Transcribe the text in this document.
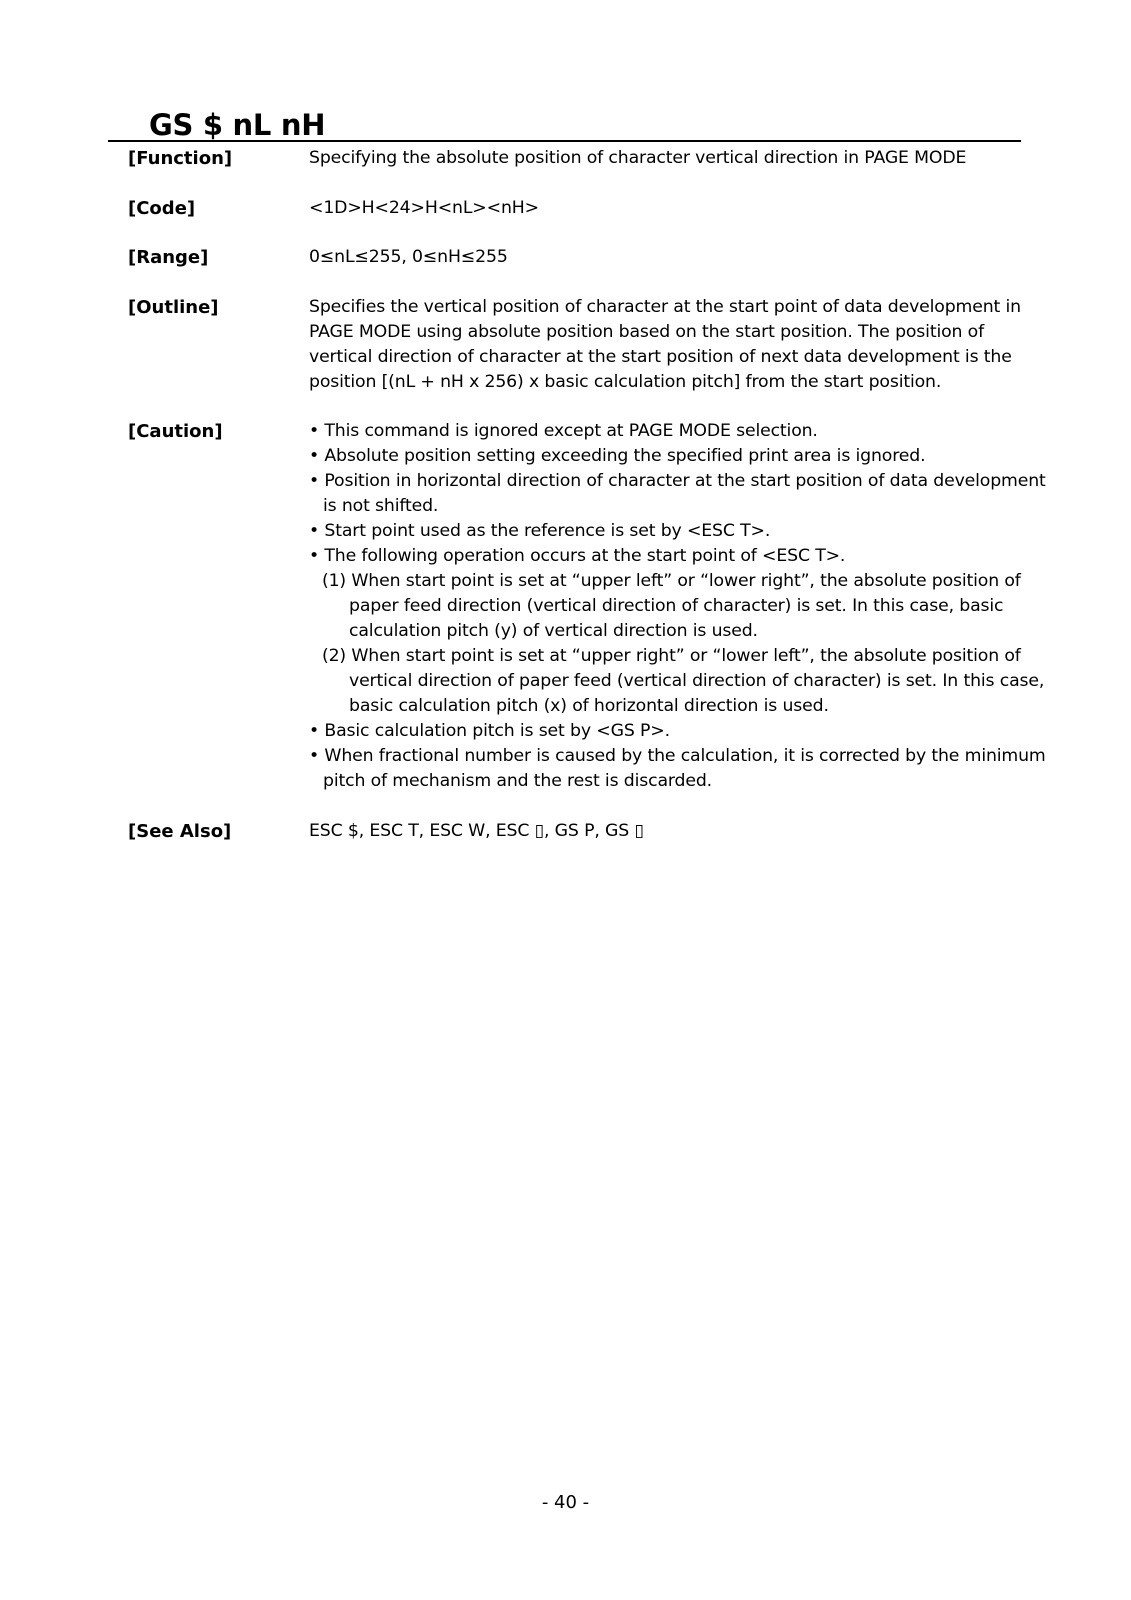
GS $ nL nH
[Function]	Specifying the absolute position of character vertical direction in PAGE MODE
[Code]	<1D>H<24>H<nL><nH>
[Range]	0≤nL≤255, 0≤nH≤255
[Outline]	Specifies the vertical position of character at the start point of data development in
PAGE MODE using absolute position based on the start position. The position of
vertical direction of character at the start position of next data development is the
position [(nL + nH x 256) x basic calculation pitch] from the start position.
[Caution]	• This command is ignored except at PAGE MODE selection.
• Absolute position setting exceeding the specified print area is ignored.
• Position in horizontal direction of character at the start position of data development
is not shifted.
• Start point used as the reference is set by <ESC T>.
• The following operation occurs at the start point of <ESC T>.
(1) When start point is set at “upper left” or “lower right”, the absolute position of
paper feed direction (vertical direction of character) is set. In this case, basic
calculation pitch (y) of vertical direction is used.
(2) When start point is set at “upper right” or “lower left”, the absolute position of
vertical direction of paper feed (vertical direction of character) is set. In this case,
basic calculation pitch (x) of horizontal direction is used.
• Basic calculation pitch is set by <GS P>.
• When fractional number is caused by the calculation, it is corrected by the minimum
pitch of mechanism and the rest is discarded.
[See Also]	ESC $, ESC T, ESC W, ESC ▯, GS P, GS ▯
- 40 -
